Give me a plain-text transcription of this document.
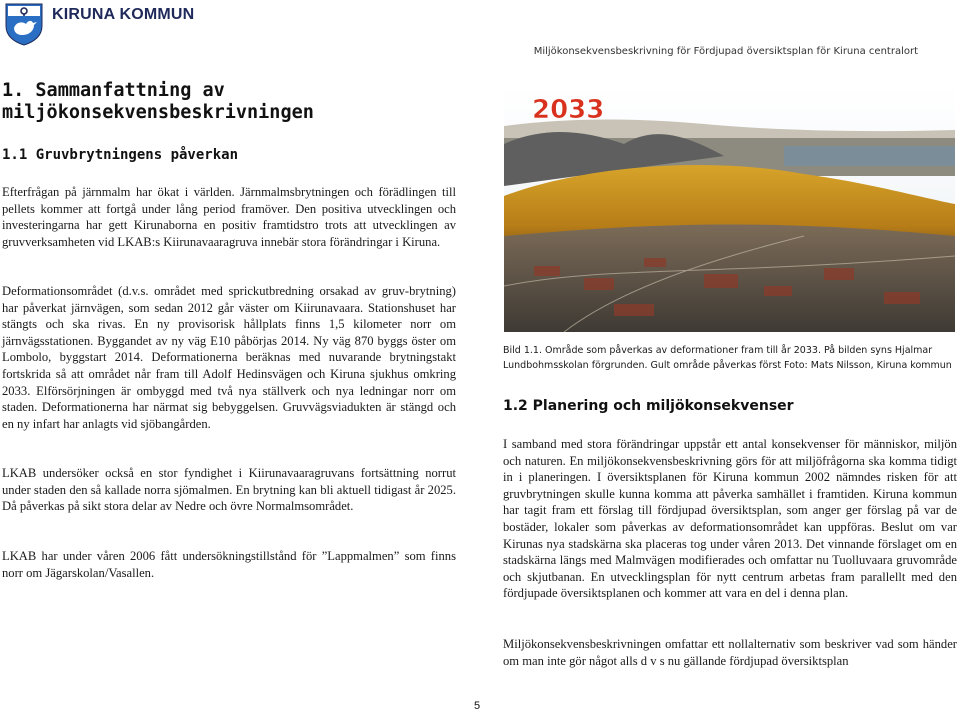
KIRUNA KOMMUN
Miljökonsekvensbeskrivning för Fördjupad översiktsplan för Kiruna centralort
1. Sammanfattning av miljökonsekvensbeskrivningen
1.1 Gruvbrytningens påverkan

Efterfrågan på järnmalm har ökat i världen. Järnmalmsbrytningen och förädlingen till pellets kommer att fortgå under lång period framöver. Den positiva utvecklingen och investeringarna har gett Kirunaborna en positiv framtidstro trots att utvecklingen av gruvverksamheten vid LKAB:s Kiirunavaaragruva innebär stora förändringar i Kiruna.

Deformationsområdet (d.v.s. området med sprickutbredning orsakad av gruv-brytning) har påverkat järnvägen, som sedan 2012 går väster om Kiirunavaara. Stationshuset har stängts och ska rivas. En ny provisorisk hållplats finns 1,5 kilometer norr om järnvägsstationen. Byggandet av ny väg E10 påbörjas 2014. Ny väg 870 byggs öster om Lombolo, byggstart 2014. Deformationerna beräknas med nuvarande brytningstakt fortskrida så att området når fram till Adolf Hedinsvägen och Kiruna sjukhus omkring 2033. Elförsörjningen är ombyggd med två nya ställverk och nya ledningar norr om staden. Deformationerna har närmat sig bebyggelsen. Gruvvägsviadukten är stängd och en ny infart har anlagts vid sjöbangården.

LKAB undersöker också en stor fyndighet i Kiirunavaaragruvans fortsättning norrut under staden den så kallade norra sjömalmen. En brytning kan bli aktuell tidigast år 2025. Då påverkas på sikt stora delar av Nedre och övre Normalmsområdet.

LKAB har under våren 2006 fått undersökningstillstånd för ”Lappmalmen” som finns norr om Jägarskolan/Vasallen.

2033

Bild 1.1. Område som påverkas av deformationer fram till år 2033. På bilden syns Hjalmar Lundbohmsskolan förgrunden. Gult område påverkas först Foto: Mats Nilsson, Kiruna kommun

1.2 Planering och miljökonsekvenser

I samband med stora förändringar uppstår ett antal konsekvenser för människor, miljön och naturen. En miljökonsekvensbeskrivning görs för att miljöfrågorna ska komma tidigt in i planeringen. I översiktsplanen för Kiruna kommun 2002 nämndes risken för att gruvbrytningen skulle kunna komma att påverka samhället i framtiden. Kiruna kommun har tagit fram ett förslag till fördjupad översiktsplan, som anger ger förslag på var de bostäder, lokaler som påverkas av deformationsområdet kan uppföras. Beslut om var Kirunas nya stadskärna ska placeras tog under våren 2013. Det vinnande förslaget om en stadskärna längs med Malmvägen modifierades och omfattar nu Tuolluvaara gruvområde och skjutbanan. En utvecklingsplan för nytt centrum arbetas fram parallellt med den fördjupade översiktsplanen och kommer att vara en del i denna plan.

Miljökonsekvensbeskrivningen omfattar ett nollalternativ som beskriver vad som händer om man inte gör något alls d v s nu gällande fördjupad översiktsplan

5
